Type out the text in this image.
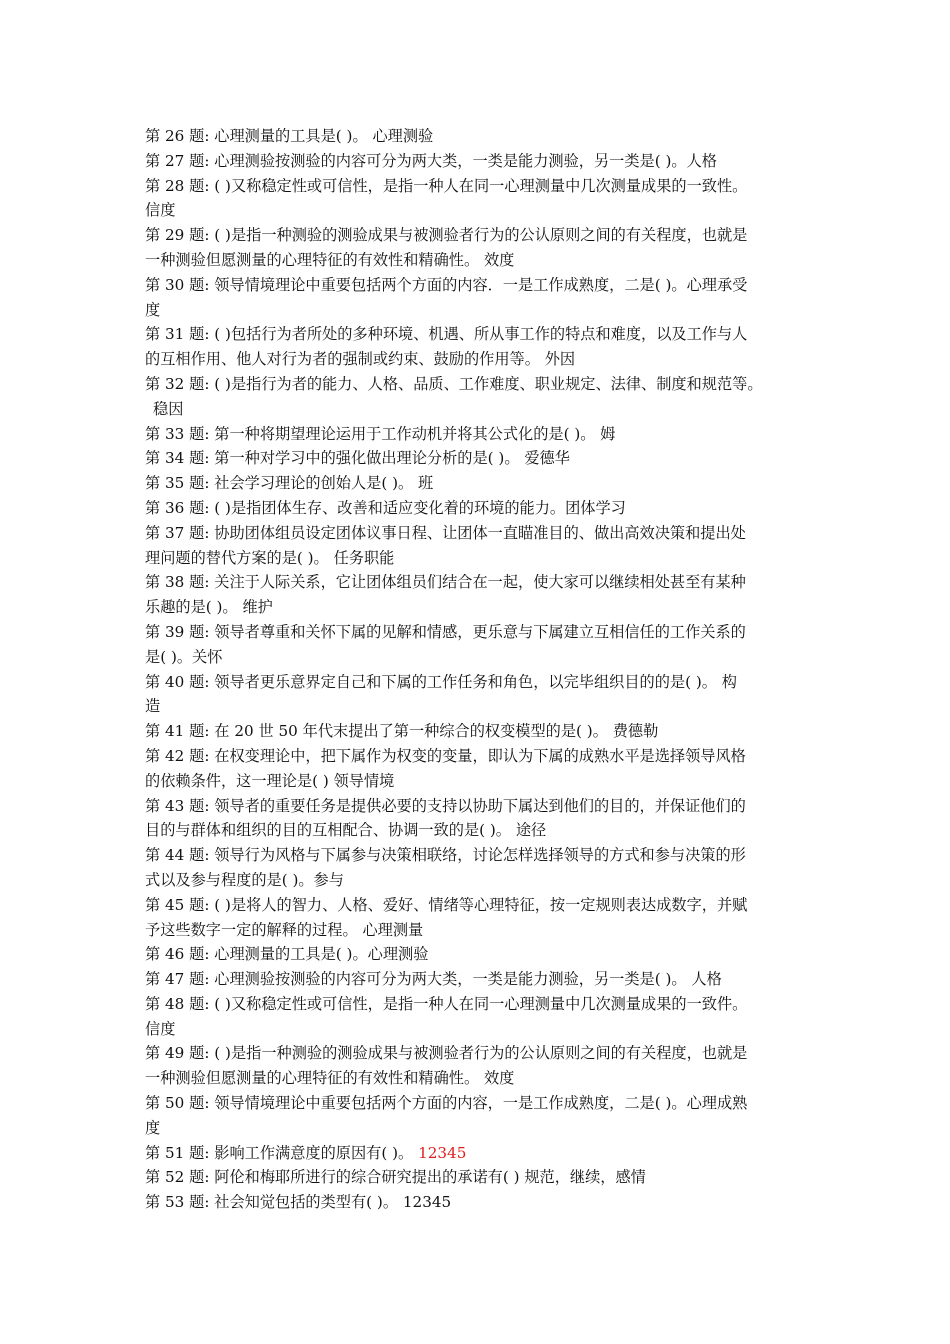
第 26 题: 心理测量的工具是( )。 心理测验
第 27 题: 心理测验按测验的内容可分为两大类，一类是能力测验，另一类是( )。人格
第 28 题: ( )又称稳定性或可信性，是指一种人在同一心理测量中几次测量成果的一致性。
信度
第 29 题: ( )是指一种测验的测验成果与被测验者行为的公认原则之间的有关程度，也就是
一种测验但愿测量的心理特征的有效性和精确性。 效度
第 30 题: 领导情境理论中重要包括两个方面的内容．一是工作成熟度，二是( )。心理承受
度
第 31 题: ( )包括行为者所处的多种环境、机遇、所从事工作的特点和难度，以及工作与人
的互相作用、他人对行为者的强制或约束、鼓励的作用等。 外因
第 32 题: ( )是指行为者的能力、人格、品质、工作难度、职业规定、法律、制度和规范等。
稳因
第 33 题: 第一种将期望理论运用于工作动机并将其公式化的是( )。 姆
第 34 题: 第一种对学习中的强化做出理论分析的是( )。 爱德华
第 35 题: 社会学习理论的创始人是( )。 班
第 36 题: ( )是指团体生存、改善和适应变化着的环境的能力。团体学习
第 37 题: 协助团体组员设定团体议事日程、让团体一直瞄准目的、做出高效决策和提出处
理问题的替代方案的是( )。 任务职能
第 38 题: 关注于人际关系，它让团体组员们结合在一起，使大家可以继续相处甚至有某种
乐趣的是( )。 维护
第 39 题: 领导者尊重和关怀下属的见解和情感，更乐意与下属建立互相信任的工作关系的
是( )。关怀
第 40 题: 领导者更乐意界定自己和下属的工作任务和角色，以完毕组织目的的是( )。 构
造
第 41 题: 在 20 世 50 年代末提出了第一种综合的权变模型的是( )。 费德勒
第 42 题: 在权变理论中，把下属作为权变的变量，即认为下属的成熟水平是选择领导风格
的依赖条件，这一理论是( ) 领导情境
第 43 题: 领导者的重要任务是提供必要的支持以协助下属达到他们的目的，并保证他们的
目的与群体和组织的目的互相配合、协调一致的是( )。 途径
第 44 题: 领导行为风格与下属参与决策相联络，讨论怎样选择领导的方式和参与决策的形
式以及参与程度的是( )。参与
第 45 题: ( )是将人的智力、人格、爱好、情绪等心理特征，按一定规则表达成数字，并赋
予这些数字一定的解释的过程。 心理测量
第 46 题: 心理测量的工具是( )。心理测验
第 47 题: 心理测验按测验的内容可分为两大类，一类是能力测验，另一类是( )。 人格
第 48 题: ( )又称稳定性或可信性，是指一种人在同一心理测量中几次测量成果的一致件。
信度
第 49 题: ( )是指一种测验的测验成果与被测验者行为的公认原则之间的有关程度，也就是
一种测验但愿测量的心理特征的有效性和精确性。 效度
第 50 题: 领导情境理论中重要包括两个方面的内容，一是工作成熟度，二是( )。心理成熟
度
第 51 题: 影响工作满意度的原因有( )。 12345
第 52 题: 阿伦和梅耶所进行的综合研究提出的承诺有( ) 规范，继续，感情
第 53 题: 社会知觉包括的类型有( )。 12345
